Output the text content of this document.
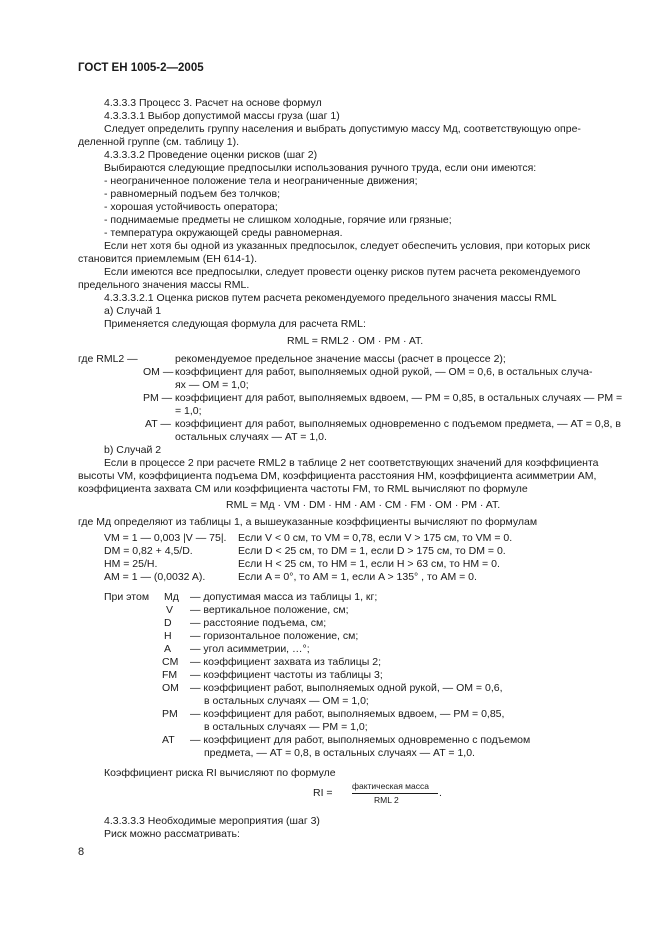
ГОСТ ЕН 1005-2—2005
4.3.3.3 Процесс 3. Расчет на основе формул
4.3.3.3.1 Выбор допустимой массы груза (шаг 1)
Следует определить группу населения и выбрать допустимую массу Mд, соответствующую опре-
деленной группе (см. таблицу 1).
4.3.3.3.2 Проведение оценки рисков (шаг 2)
Выбираются следующие предпосылки использования ручного труда, если они имеются:
- неограниченное положение тела и неограниченные движения;
- равномерный подъем без толчков;
- хорошая устойчивость оператора;
- поднимаемые предметы не слишком холодные, горячие или грязные;
- температура окружающей среды равномерная.
Если нет хотя бы одной из указанных предпосылок, следует обеспечить условия, при которых риск
становится приемлемым (ЕН 614-1).
Если имеются все предпосылки, следует провести оценку рисков путем расчета рекомендуемого
предельного значения массы RML.
4.3.3.3.2.1 Оценка рисков путем расчета рекомендуемого предельного значения массы RML
а) Случай 1
Применяется следующая формула для расчета RML:
RML = RML2 · OM · PM · AT.
где RML2 —	рекомендуемое предельное значение массы (расчет в процессе 2);
OM — коэффициент для работ, выполняемых одной рукой, — OM = 0,6, в остальных случа-
ях — OM = 1,0;
PM — коэффициент для работ, выполняемых вдвоем, — PM = 0,85, в остальных случаях — PM =
= 1,0;
AT — коэффициент для работ, выполняемых одновременно с подъемом предмета, — AT = 0,8, в
остальных случаях — AT = 1,0.
b) Случай 2
Если в процессе 2 при расчете RML2 в таблице 2 нет соответствующих значений для коэффициента
высоты VM, коэффициента подъема DM, коэффициента расстояния HM, коэффициента асимметрии AM,
коэффициента захвата CM или коэффициента частоты FM, то RML вычисляют по формуле
RML = Mд · VM · DM · HM · AM · CM · FM · OM · PM · AT.
где Mд определяют из таблицы 1, а вышеуказанные коэффициенты вычисляют по формулам
VM = 1 — 0,003 |V — 75|. Если V < 0 см, то VM = 0,78, если V > 175 см, то VM = 0.
DM = 0,82 + 4,5/D.	Если D < 25 см, то DM = 1, если D > 175 см, то DM = 0.
HM = 25/H.	Если H < 25 см, то HM = 1, если H > 63 см, то HM = 0.
AM = 1 — (0,0032 A).	Если A = 0°, то AM = 1, если A > 135° , то AM = 0.
При этом Mд — допустимая масса из таблицы 1, кг;
V — вертикальное положение, см;
D — расстояние подъема, см;
H — горизонтальное положение, см;
A — угол асимметрии, …°;
CM — коэффициент захвата из таблицы 2;
FM — коэффициент частоты из таблицы 3;
OM — коэффициент работ, выполняемых одной рукой, — OM = 0,6,
в остальных случаях — OM = 1,0;
PM — коэффициент для работ, выполняемых вдвоем, — PM = 0,85,
в остальных случаях — PM = 1,0;
AT — коэффициент для работ, выполняемых одновременно с подъемом
предмета, — AT = 0,8, в остальных случаях — AT = 1,0.
Коэффициент риска RI вычисляют по формуле
RI =
фактическая масса
RML 2
.
4.3.3.3.3 Необходимые мероприятия (шаг 3)
Риск можно рассматривать:
8
